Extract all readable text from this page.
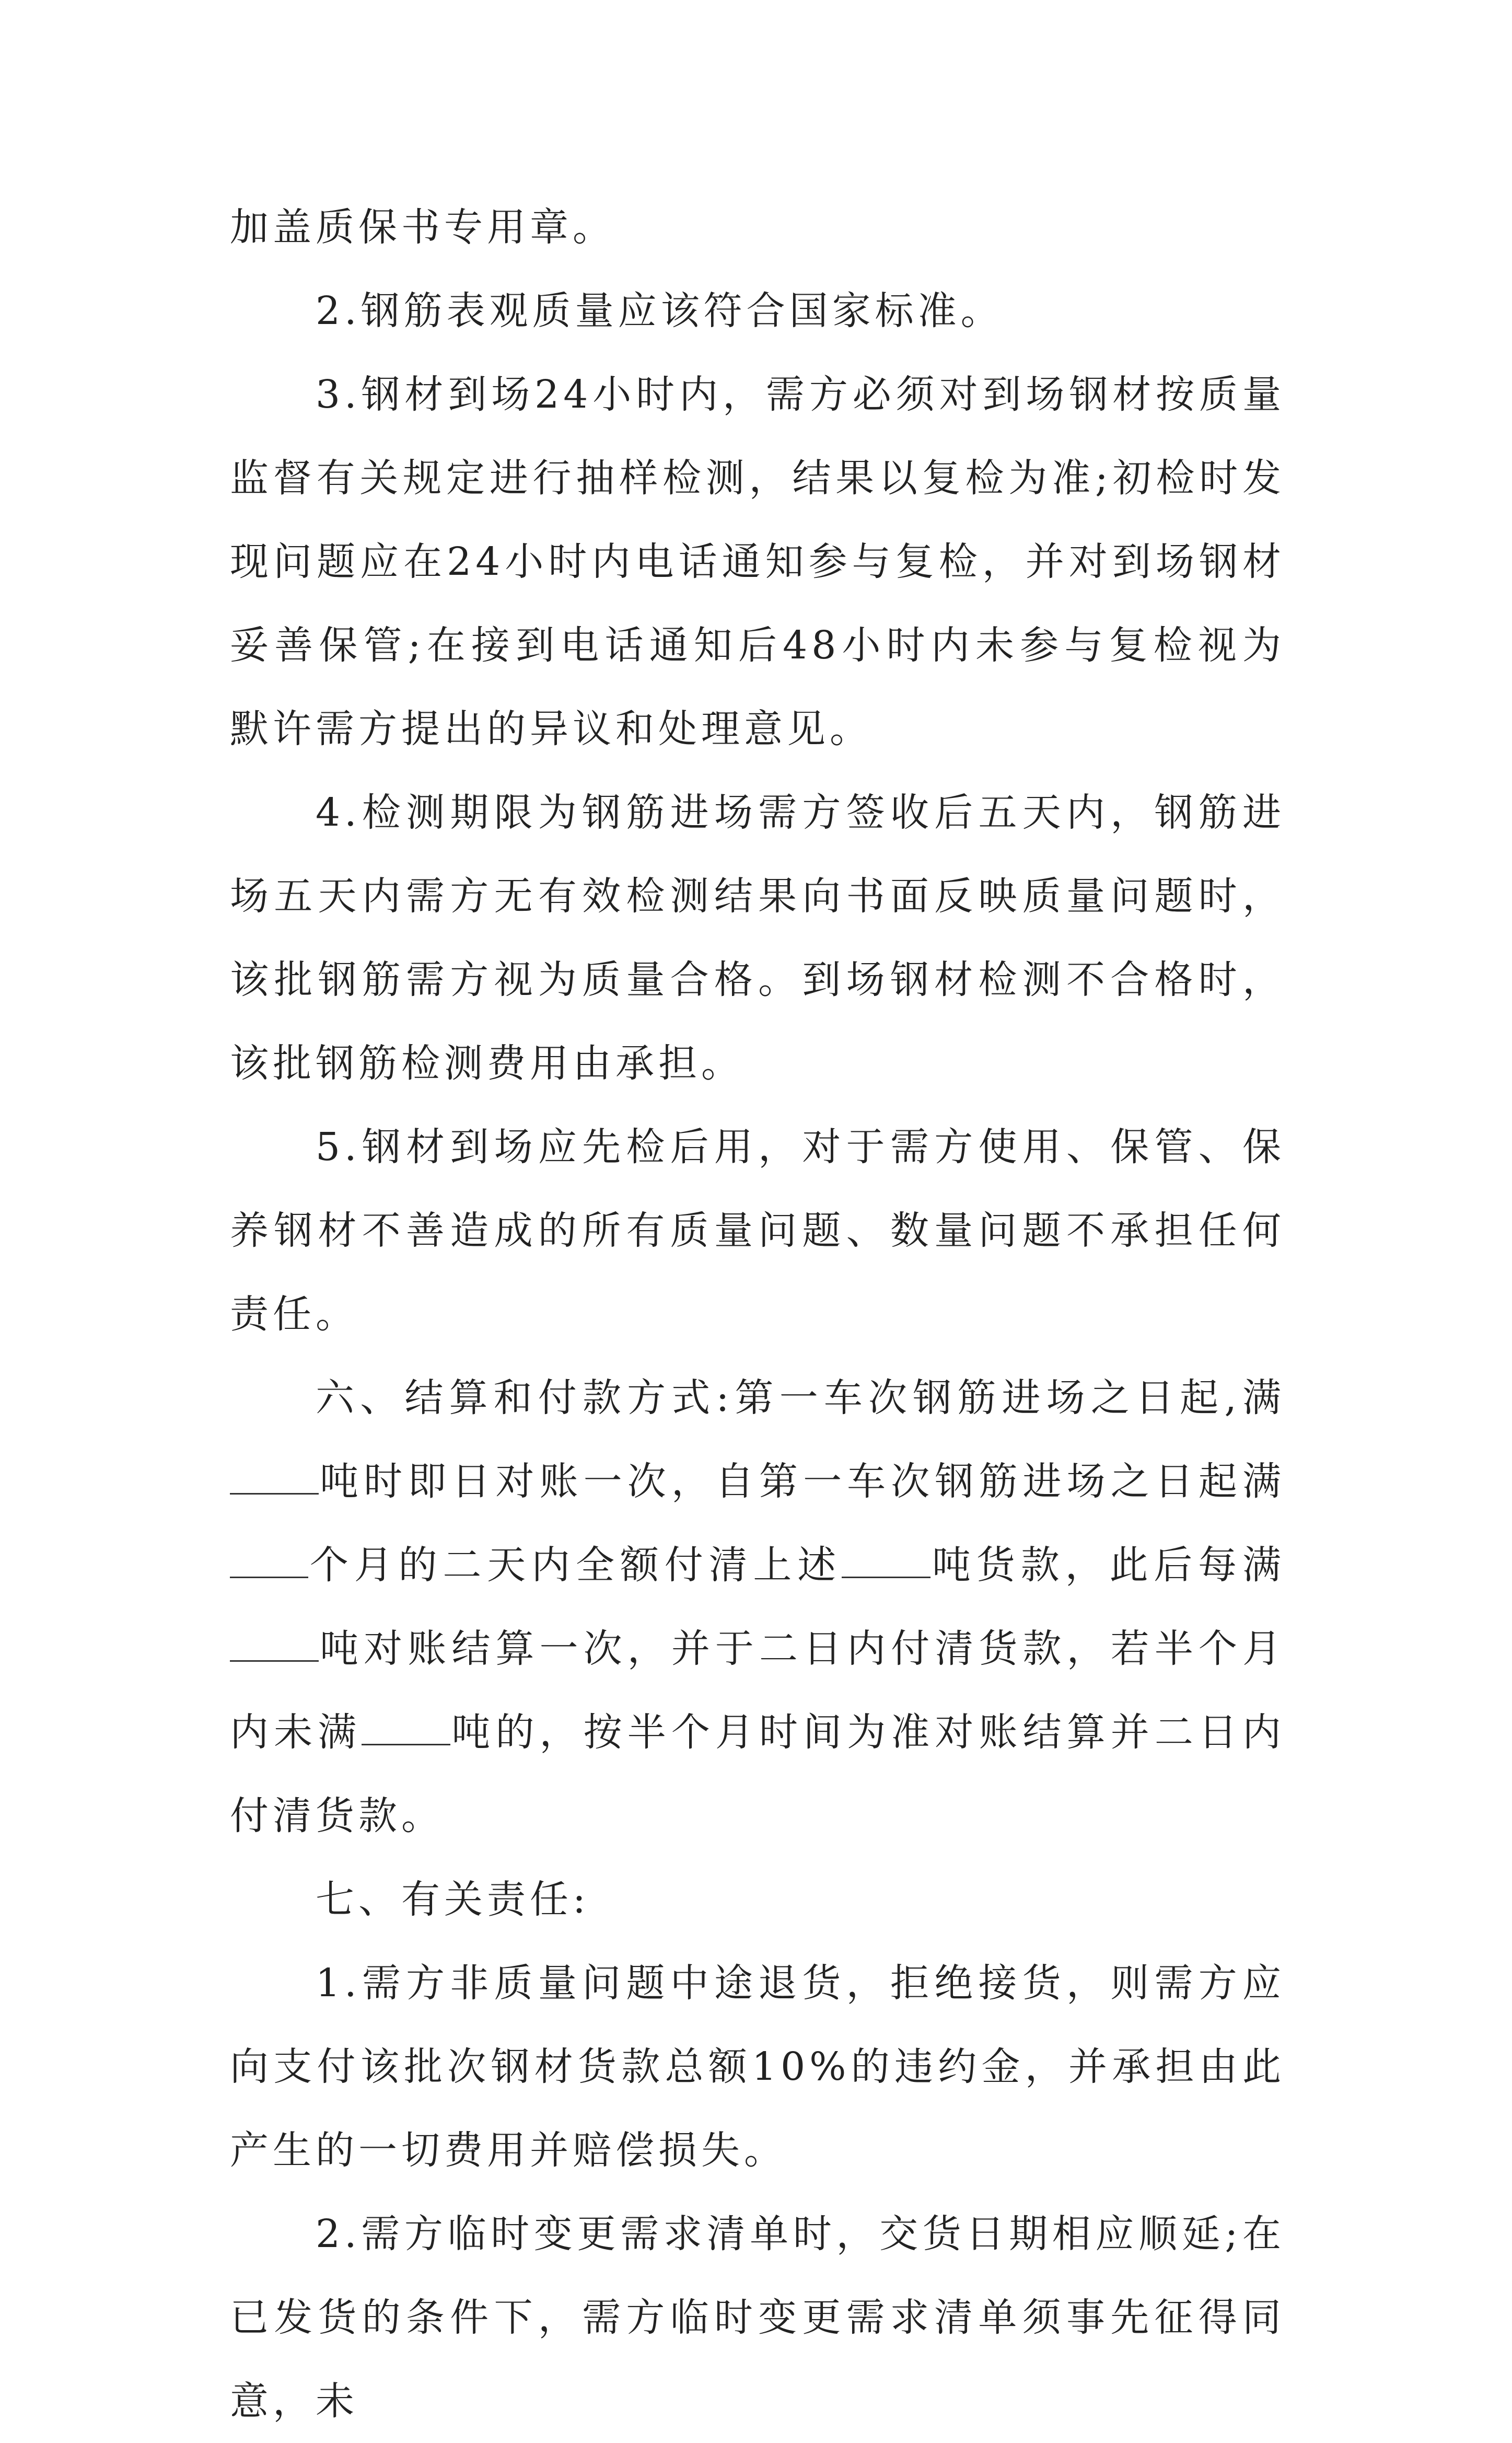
加盖质保书专用章。

2.钢筋表观质量应该符合国家标准。

3.钢材到场24小时内，需方必须对到场钢材按质量监督有关规定进行抽样检测，结果以复检为准;初检时发现问题应在24小时内电话通知参与复检，并对到场钢材妥善保管;在接到电话通知后48小时内未参与复检视为默许需方提出的异议和处理意见。

4.检测期限为钢筋进场需方签收后五天内，钢筋进场五天内需方无有效检测结果向书面反映质量问题时，该批钢筋需方视为质量合格。到场钢材检测不合格时，该批钢筋检测费用由承担。

5.钢材到场应先检后用，对于需方使用、保管、保养钢材不善造成的所有质量问题、数量问题不承担任何责任。

六、结算和付款方式:第一车次钢筋进场之日起,满吨时即日对账一次，自第一车次钢筋进场之日起满个月的二天内全额付清上述 吨货款，此后每满吨对账结算一次，并于二日内付清货款，若半个月内未满 吨的，按半个月时间为准对账结算并二日内付清货款。

七、有关责任:

1.需方非质量问题中途退货，拒绝接货，则需方应向支付该批次钢材货款总额10%的违约金，并承担由此产生的一切费用并赔偿损失。

2.需方临时变更需求清单时，交货日期相应顺延;在已发货的条件下，需方临时变更需求清单须事先征得同意，未
